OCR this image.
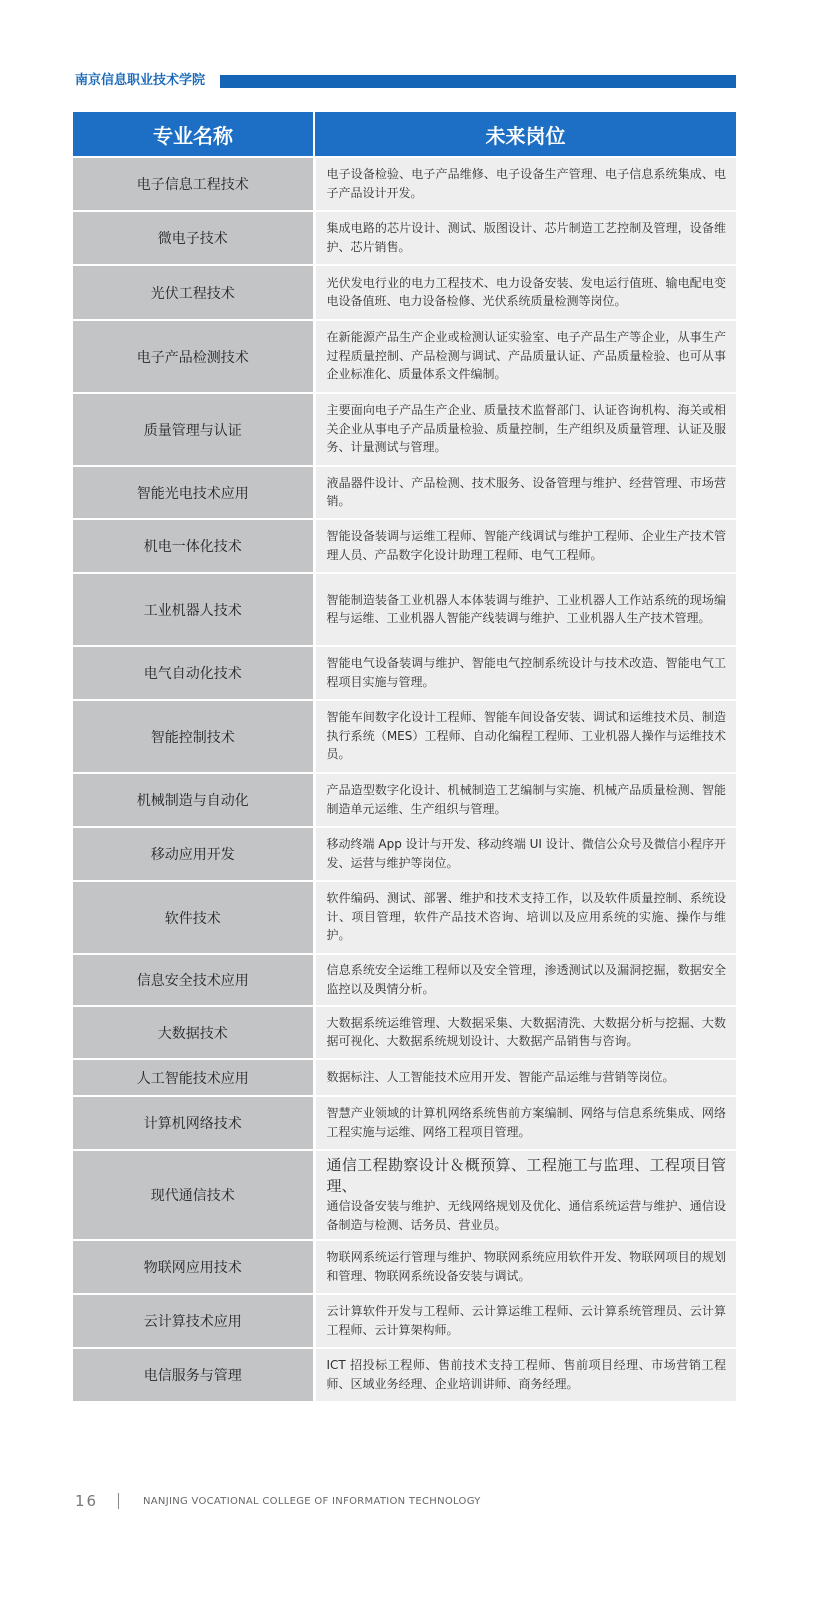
南京信息职业技术学院
专业名称	未来岗位
电子信息工程技术	电子设备检验、电子产品维修、电子设备生产管理、电子信息系统集成、电子产品设计开发。
微电子技术	集成电路的芯片设计、测试、版图设计、芯片制造工艺控制及管理，设备维护、芯片销售。
光伏工程技术	光伏发电行业的电力工程技术、电力设备安装、发电运行值班、输电配电变电设备值班、电力设备检修、光伏系统质量检测等岗位。
电子产品检测技术	在新能源产品生产企业或检测认证实验室、电子产品生产等企业，从事生产过程质量控制、产品检测与调试、产品质量认证、产品质量检验、也可从事企业标准化、质量体系文件编制。
质量管理与认证	主要面向电子产品生产企业、质量技术监督部门、认证咨询机构、海关或相关企业从事电子产品质量检验、质量控制，生产组织及质量管理、认证及服务、计量测试与管理。
智能光电技术应用	液晶器件设计、产品检测、技术服务、设备管理与维护、经营管理、市场营销。
机电一体化技术	智能设备装调与运维工程师、智能产线调试与维护工程师、企业生产技术管理人员、产品数字化设计助理工程师、电气工程师。
工业机器人技术	智能制造装备工业机器人本体装调与维护、工业机器人工作站系统的现场编程与运维、工业机器人智能产线装调与维护、工业机器人生产技术管理。
电气自动化技术	智能电气设备装调与维护、智能电气控制系统设计与技术改造、智能电气工程项目实施与管理。
智能控制技术	智能车间数字化设计工程师、智能车间设备安装、调试和运维技术员、制造执行系统（MES）工程师、自动化编程工程师、工业机器人操作与运维技术员。
机械制造与自动化	产品造型数字化设计、机械制造工艺编制与实施、机械产品质量检测、智能制造单元运维、生产组织与管理。
移动应用开发	移动终端 App 设计与开发、移动终端 UI 设计、微信公众号及微信小程序开发、运营与维护等岗位。
软件技术	软件编码、测试、部署、维护和技术支持工作，以及软件质量控制、系统设计、项目管理，软件产品技术咨询、培训以及应用系统的实施、操作与维护。
信息安全技术应用	信息系统安全运维工程师以及安全管理，渗透测试以及漏洞挖掘，数据安全监控以及舆情分析。
大数据技术	大数据系统运维管理、大数据采集、大数据清洗、大数据分析与挖掘、大数据可视化、大数据系统规划设计、大数据产品销售与咨询。
人工智能技术应用	数据标注、人工智能技术应用开发、智能产品运维与营销等岗位。
计算机网络技术	智慧产业领域的计算机网络系统售前方案编制、网络与信息系统集成、网络工程实施与运维、网络工程项目管理。
现代通信技术	通信工程勘察设计＆概预算、工程施工与监理、工程项目管理、
通信设备安装与维护、无线网络规划及优化、通信系统运营与维护、通信设备制造与检测、话务员、营业员。

物联网应用技术	物联网系统运行管理与维护、物联网系统应用软件开发、物联网项目的规划和管理、物联网系统设备安装与调试。
云计算技术应用	云计算软件开发与工程师、云计算运维工程师、云计算系统管理员、云计算工程师、云计算架构师。
电信服务与管理	ICT 招投标工程师、售前技术支持工程师、售前项目经理、市场营销工程师、区域业务经理、企业培训讲师、商务经理。
16	NANJING VOCATIONAL COLLEGE OF INFORMATION TECHNOLOGY
